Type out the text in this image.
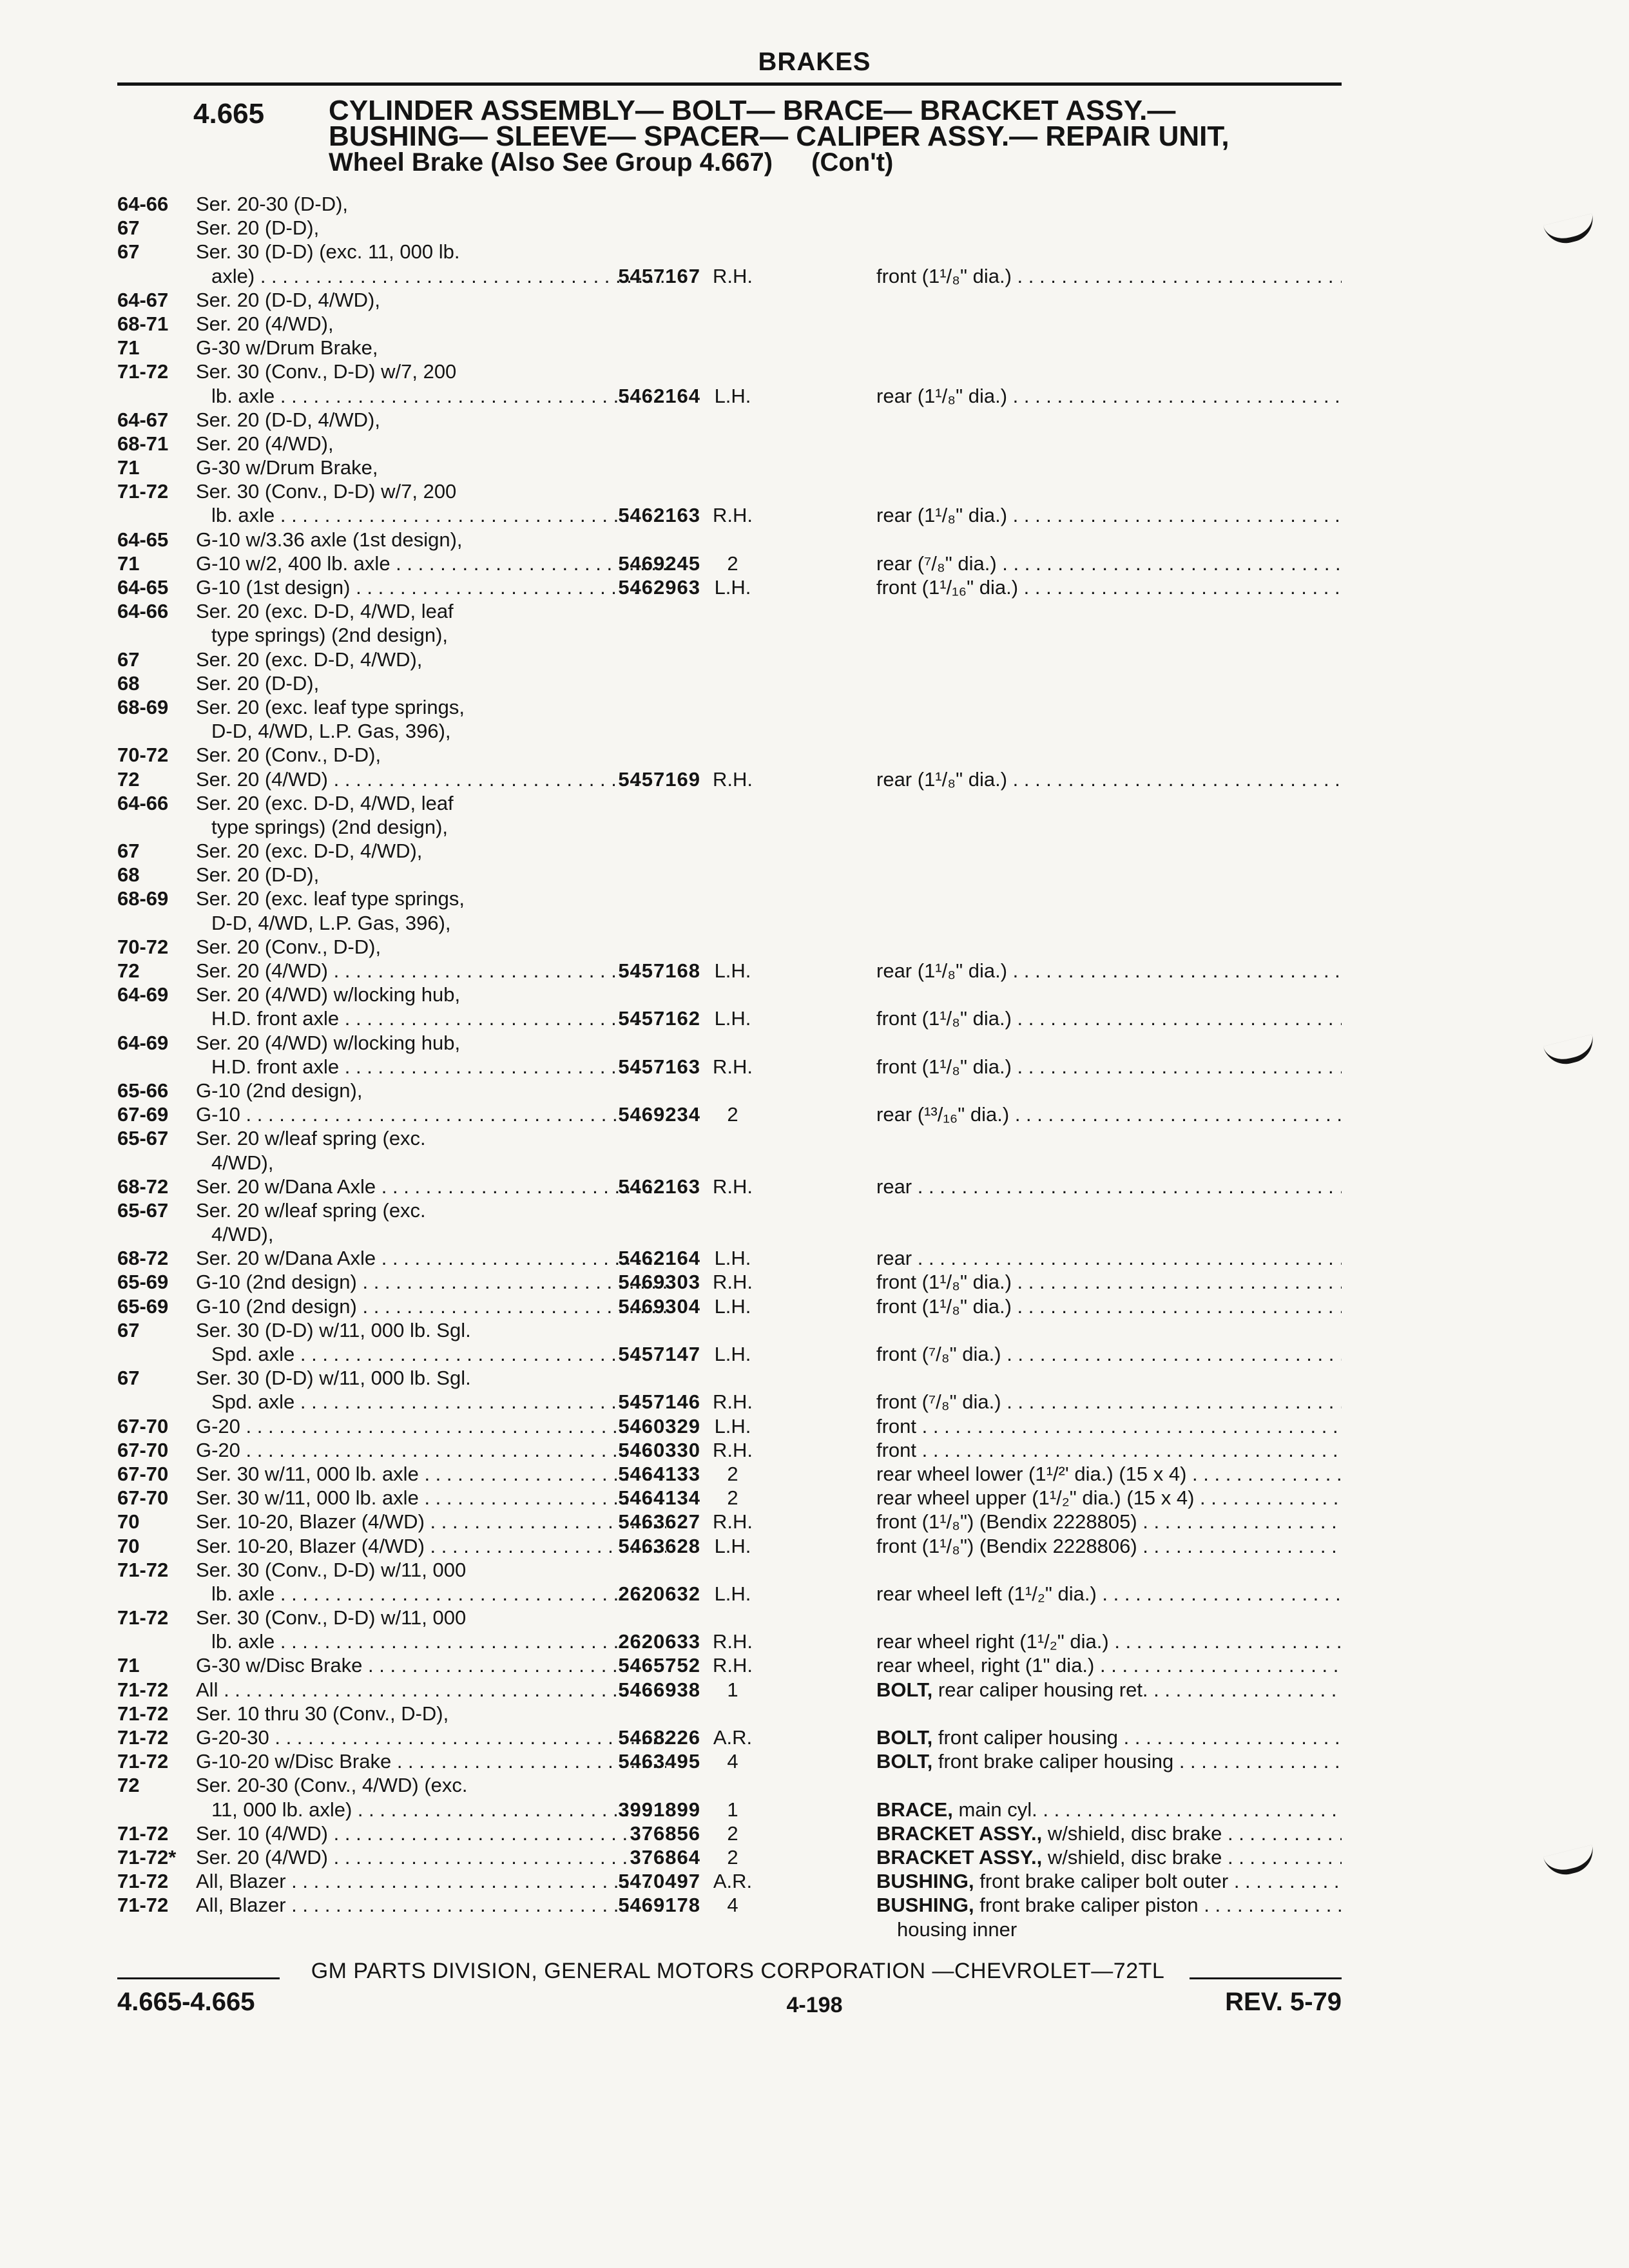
BRAKES
4.665 CYLINDER ASSEMBLY— BOLT— BRACE— BRACKET ASSY.—
BUSHING— SLEEVE— SPACER— CALIPER ASSY.— REPAIR UNIT,
Wheel Brake (Also See Group 4.667) (Con't)
64-66	Ser. 20-30 (D-D),
67	Ser. 20 (D-D),
67	Ser. 30 (D-D) (exc. 11, 000 lb.
axle) . . .	5457167 R.H.	front (1¹/₈" dia.) . . .
64-67	Ser. 20 (D-D, 4/WD),
68-71	Ser. 20 (4/WD),
71	G-30 w/Drum Brake,
71-72	Ser. 30 (Conv., D-D) w/7, 200
lb. axle . . .	5462164 L.H.	rear (1¹/₈" dia.) . . .
64-67	Ser. 20 (D-D, 4/WD),
68-71	Ser. 20 (4/WD),
71	G-30 w/Drum Brake,
71-72	Ser. 30 (Conv., D-D) w/7, 200
lb. axle . . .	5462163 R.H.	rear (1¹/₈" dia.) . . .
64-65	G-10 w/3.36 axle (1st design),
71	G-10 w/2, 400 lb. axle . . .	5469245	2	rear (⁷/₈" dia.) . . .
64-65	G-10 (1st design) . . .	5462963 L.H.	front (1¹/₁₆" dia.) . . .
64-66	Ser. 20 (exc. D-D, 4/WD, leaf
type springs) (2nd design),
67	Ser. 20 (exc. D-D, 4/WD),
68	Ser. 20 (D-D),
68-69	Ser. 20 (exc. leaf type springs,
D-D, 4/WD, L.P. Gas, 396),
70-72	Ser. 20 (Conv., D-D),
72	Ser. 20 (4/WD) . . .	5457169 R.H.	rear (1¹/₈" dia.) . . .
64-66	Ser. 20 (exc. D-D, 4/WD, leaf
type springs) (2nd design),
67	Ser. 20 (exc. D-D, 4/WD),
68	Ser. 20 (D-D),
68-69	Ser. 20 (exc. leaf type springs,
D-D, 4/WD, L.P. Gas, 396),
70-72	Ser. 20 (Conv., D-D),
72	Ser. 20 (4/WD) . . .	5457168 L.H.	rear (1¹/₈" dia.) . . .
64-69	Ser. 20 (4/WD) w/locking hub,
H.D. front axle . . .	5457162 L.H.	front (1¹/₈" dia.) . . .
64-69	Ser. 20 (4/WD) w/locking hub,
H.D. front axle . . .	5457163 R.H.	front (1¹/₈" dia.) . . .
65-66	G-10 (2nd design),
67-69	G-10 . . .	5469234	2	rear (¹³/₁₆" dia.) . . .
65-67	Ser. 20 w/leaf spring (exc.
4/WD),
68-72	Ser. 20 w/Dana Axle . . .	5462163 R.H.	rear . . .
65-67	Ser. 20 w/leaf spring (exc.
4/WD),
68-72	Ser. 20 w/Dana Axle . . .	5462164 L.H.	rear . . .
65-69	G-10 (2nd design) . . .	5469303 R.H.	front (1¹/₈" dia.) . . .
65-69	G-10 (2nd design) . . .	5469304 L.H.	front (1¹/₈" dia.) . . .
67	Ser. 30 (D-D) w/11, 000 lb. Sgl.
Spd. axle . . .	5457147 L.H.	front (⁷/₈" dia.) . . .
67	Ser. 30 (D-D) w/11, 000 lb. Sgl.
Spd. axle . . .	5457146 R.H.	front (⁷/₈" dia.) . . .
67-70	G-20 . . .	5460329 L.H.	front . . .
67-70	G-20 . . .	5460330 R.H.	front . . .
67-70	Ser. 30 w/11, 000 lb. axle . . .	5464133	2	rear wheel lower (1¹/²' dia.) (15 x 4) . . .
67-70	Ser. 30 w/11, 000 lb. axle . . .	5464134	2	rear wheel upper (1¹/₂" dia.) (15 x 4) . . .
70	Ser. 10-20, Blazer (4/WD) . . .	5463627 R.H.	front (1¹/₈") (Bendix 2228805) . . .
70	Ser. 10-20, Blazer (4/WD) . . .	5463628 L.H.	front (1¹/₈") (Bendix 2228806) . . .
71-72	Ser. 30 (Conv., D-D) w/11, 000
lb. axle . . .	2620632 L.H.	rear wheel left (1¹/₂" dia.) . . .
71-72	Ser. 30 (Conv., D-D) w/11, 000
lb. axle . . .	2620633 R.H.	rear wheel right (1¹/₂" dia.) . . .
71	G-30 w/Disc Brake . . .	5465752 R.H.	rear wheel, right (1" dia.) . . .
71-72	All . . .	5466938	1	BOLT, rear caliper housing ret. . . .
71-72	Ser. 10 thru 30 (Conv., D-D),
71-72	G-20-30 . . .	5468226 A.R.	BOLT, front caliper housing . . .
71-72	G-10-20 w/Disc Brake . . .	5463495	4	BOLT, front brake caliper housing . . .
72	Ser. 20-30 (Conv., 4/WD) (exc.
11, 000 lb. axle) . . .	3991899	1	BRACE, main cyl. . . .
71-72	Ser. 10 (4/WD) . . .	376856	2	BRACKET ASSY., w/shield, disc brake . . .
71-72* Ser. 20 (4/WD) . . .	376864	2	BRACKET ASSY., w/shield, disc brake . . .
71-72	All, Blazer . . .	5470497 A.R.	BUSHING, front brake caliper bolt outer . . .
71-72	All, Blazer . . .	5469178	4	BUSHING, front brake caliper piston . . .
housing inner
GM PARTS DIVISION, GENERAL MOTORS CORPORATION —CHEVROLET—72TL
4.665-4.665	4-198	REV. 5-79
